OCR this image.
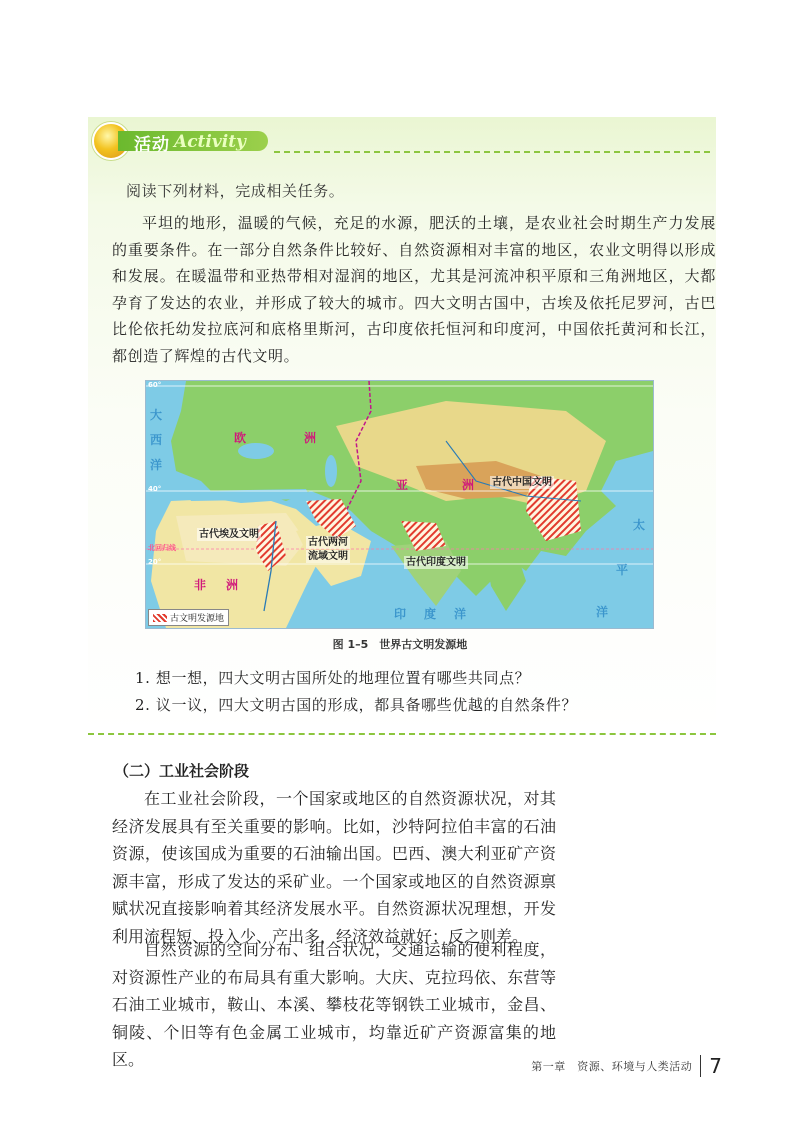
活动 Activity

阅读下列材料，完成相关任务。

平坦的地形，温暖的气候，充足的水源，肥沃的土壤，是农业社会时期生产力发展的重要条件。在一部分自然条件比较好、自然资源相对丰富的地区，农业文明得以形成和发展。在暖温带和亚热带相对湿润的地区，尤其是河流冲积平原和三角洲地区，大都孕育了发达的农业，并形成了较大的城市。四大文明古国中，古埃及依托尼罗河，古巴比伦依托幼发拉底河和底格里斯河，古印度依托恒河和印度河，中国依托黄河和长江，都创造了辉煌的古代文明。

古代埃及文明
古代两河
流域文明
古代印度文明
古代中国文明
欧	洲
亚	洲
非 洲
大
西
洋
太
平
洋
印 度 洋
60°
40°
北回归线
20°
古文明发源地
图 1–5　世界古文明发源地

1. 想一想，四大文明古国所处的地理位置有哪些共同点？

2. 议一议，四大文明古国的形成，都具备哪些优越的自然条件？

（二）工业社会阶段

在工业社会阶段，一个国家或地区的自然资源状况，对其经济发展具有至关重要的影响。比如，沙特阿拉伯丰富的石油资源，使该国成为重要的石油输出国。巴西、澳大利亚矿产资源丰富，形成了发达的采矿业。一个国家或地区的自然资源禀赋状况直接影响着其经济发展水平。自然资源状况理想，开发利用流程短、投入少、产出多，经济效益就好；反之则差。

自然资源的空间分布、组合状况，交通运输的便利程度，对资源性产业的布局具有重大影响。大庆、克拉玛依、东营等石油工业城市，鞍山、本溪、攀枝花等钢铁工业城市，金昌、铜陵、个旧等有色金属工业城市，均靠近矿产资源富集的地区。	第一章　资源、环境与人类活动 7
